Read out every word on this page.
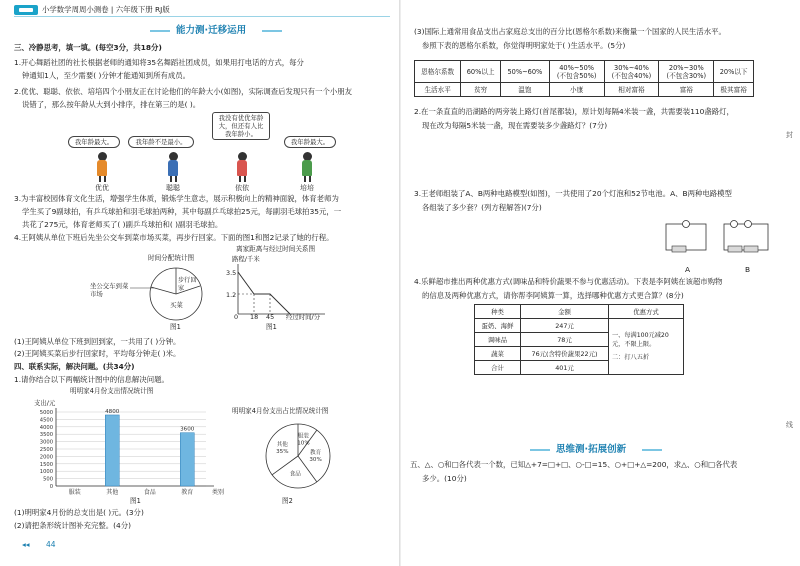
小学数学周周小测卷 | 六年级下册 RJ版
能力测·迁移运用
三、冷静思考，填一填。(每空3分，共18分)
1.开心舞蹈社团的社长根据老师的通知将35名舞蹈社团成员，如果用打电话的方式，每分
钟通知1人，至少需要( )分钟才能通知到所有成员。
2.优优、聪聪、依依、培培四个小朋友正在讨论他们的年龄大小(如图)，实际调查后发现只有一个小朋友
说错了，那么按年龄从大到小排序，排在第三的是( )。
我年龄最大。
优优
我年龄不是最小。
聪聪
我没有优优年龄大，但还有人比我年龄小。
依依
我年龄最大。
培培
3.为丰富校园体育文化生活，增强学生体质，锻炼学生意志，展示积极向上的精神面貌，体育老师为
学生买了9副球拍，有乒乓球拍和羽毛球拍两种，其中每副乒乓球拍25元，每副羽毛球拍35元，一
共花了275元，体育老师买了( )副乒乓球拍和( )副羽毛球拍。
4.王阿姨从单位下班后先坐公交车到菜市场买菜，再步行回家。下面的图1和图2记录了她的行程。
时间分配统计图
坐公交车到菜市场
步行回家
买菜
图1
离家距离与经过时间关系图
路程/千米
3.5
1.2
0 18 45 经过时间/分
图1
(1)王阿姨从单位下班到回到家，一共用了( )分钟。
(2)王阿姨买菜后步行回家时，平均每分钟走( )米。
四、联系实际，解决问题。(共34分)
1.请你结合以下两幅统计图中的信息解决问题。
明明家4月份支出情况统计图
支出/元
0
500
1000
1500
2000
2500
3000
3500
4000
4500
5000
服装
4800
其他	食品
3600
教育	类别
图1
明明家4月份支出占比情况统计图
服装 10%
教育 30%
食品
其他 35%
图2
(1)明明家4月份的总支出是( )元。(3分)
(2)请把条形统计图补充完整。(4分)
◂◂ 44
(3)国际上通常用食品支出占家庭总支出的百分比(恩格尔系数)来衡量一个国家的人民生活水平。
参照下表的恩格尔系数，你觉得明明家处于( )生活水平。(5分)
恩格尔系数	60%以上	50%~60%	40%~50%
(不包含50%)	30%~40%
(不包含40%)	20%~30%
(不包含30%)	20%以下
生活水平	贫穷	温饱	小康	相对富裕	富裕	极其富裕
2.在一条直直的沿湖路的两旁装上路灯(首尾都装)，原计划每隔4米装一盏，共需要装110盏路灯，
现在改为每隔5米装一盏，现在需要装多少盏路灯？(7分)
3.王老师组装了A、B两种电路模型(如图)，一共使用了20个灯泡和52节电池。A、B两种电路模型
各组装了多少套？(列方程解答)(7分)
A	B
4.乐鲜超市推出两种优惠方式(调味品和特价蔬果不参与优惠活动)。下表是李阿姨在该超市购物
的信息及两种优惠方式，请你帮李阿姨算一算，选择哪种优惠方式更合算？(8分)
种类	金额	优惠方式
蛋奶、海鲜	247元	一、每满100元减20元，不限上限。
二：打八五折

调味品	78元	
蔬菜	76元(含特价蔬果22元)	
合计	401元	
思维测·拓展创新
五、△、○和□各代表一个数，已知△+7=□+□、○-□=15、○+□+△=200，求△、○和□各代表
多少。(10分)
封
线
